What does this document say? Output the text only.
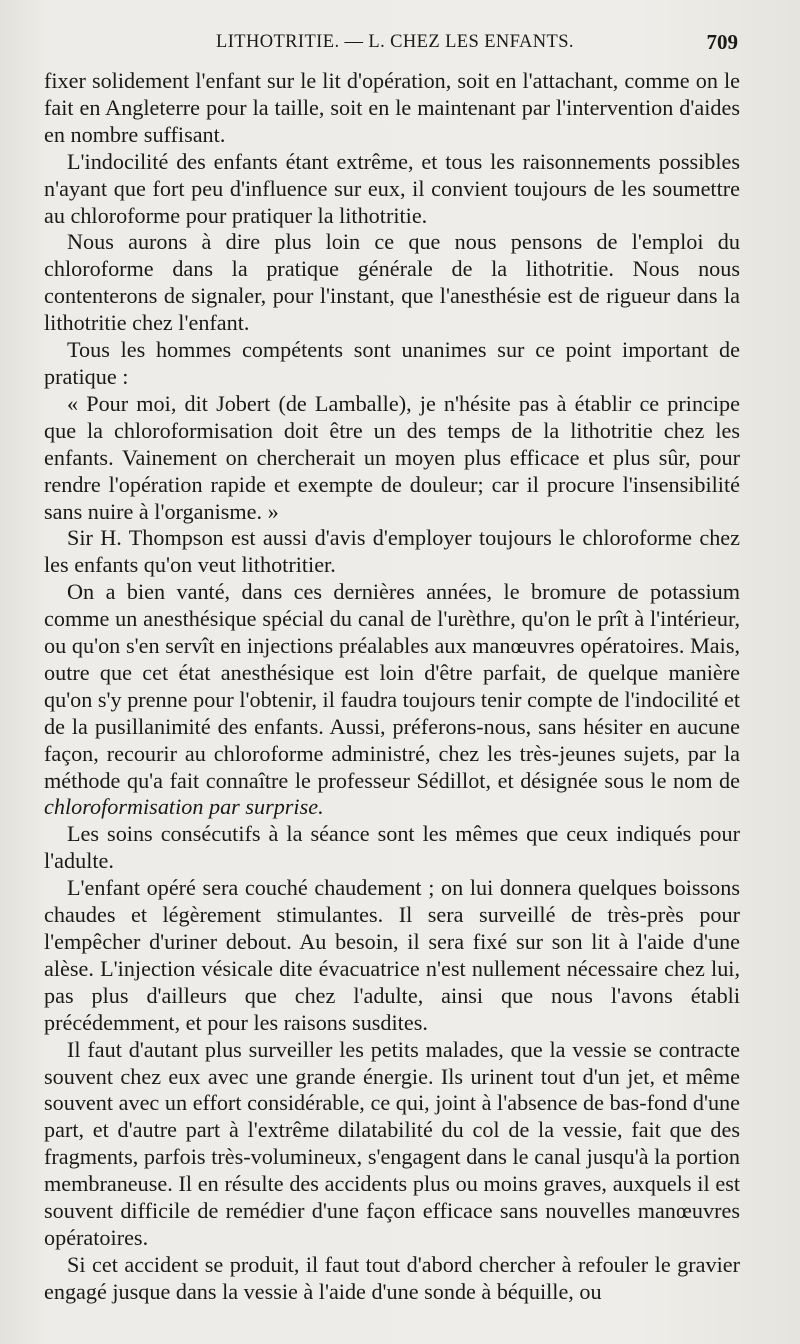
LITHOTRITIE. — L. CHEZ LES ENFANTS.	709

fixer solidement l'enfant sur le lit d'opération, soit en l'attachant, comme on le fait en Angleterre pour la taille, soit en le maintenant par l'intervention d'aides en nombre suffisant.

L'indocilité des enfants étant extrême, et tous les raisonnements possibles n'ayant que fort peu d'influence sur eux, il convient toujours de les soumettre au chloroforme pour pratiquer la lithotritie.

Nous aurons à dire plus loin ce que nous pensons de l'emploi du chloroforme dans la pratique générale de la lithotritie. Nous nous contenterons de signaler, pour l'instant, que l'anesthésie est de rigueur dans la lithotritie chez l'enfant.

Tous les hommes compétents sont unanimes sur ce point important de pratique :

« Pour moi, dit Jobert (de Lamballe), je n'hésite pas à établir ce principe que la chloroformisation doit être un des temps de la lithotritie chez les enfants. Vainement on chercherait un moyen plus efficace et plus sûr, pour rendre l'opération rapide et exempte de douleur; car il procure l'insensibilité sans nuire à l'organisme. »

Sir H. Thompson est aussi d'avis d'employer toujours le chloroforme chez les enfants qu'on veut lithotritier.

On a bien vanté, dans ces dernières années, le bromure de potassium comme un anesthésique spécial du canal de l'urèthre, qu'on le prît à l'intérieur, ou qu'on s'en servît en injections préalables aux manœuvres opératoires. Mais, outre que cet état anesthésique est loin d'être parfait, de quelque manière qu'on s'y prenne pour l'obtenir, il faudra toujours tenir compte de l'indocilité et de la pusillanimité des enfants. Aussi, préferons-nous, sans hésiter en aucune façon, recourir au chloroforme administré, chez les très-jeunes sujets, par la méthode qu'a fait connaître le professeur Sédillot, et désignée sous le nom de chloroformisation par surprise.

Les soins consécutifs à la séance sont les mêmes que ceux indiqués pour l'adulte.

L'enfant opéré sera couché chaudement ; on lui donnera quelques boissons chaudes et légèrement stimulantes. Il sera surveillé de très-près pour l'empêcher d'uriner debout. Au besoin, il sera fixé sur son lit à l'aide d'une alèse. L'injection vésicale dite évacuatrice n'est nullement nécessaire chez lui, pas plus d'ailleurs que chez l'adulte, ainsi que nous l'avons établi précédemment, et pour les raisons susdites.

Il faut d'autant plus surveiller les petits malades, que la vessie se contracte souvent chez eux avec une grande énergie. Ils urinent tout d'un jet, et même souvent avec un effort considérable, ce qui, joint à l'absence de bas-fond d'une part, et d'autre part à l'extrême dilatabilité du col de la vessie, fait que des fragments, parfois très-volumineux, s'engagent dans le canal jusqu'à la portion membraneuse. Il en résulte des accidents plus ou moins graves, auxquels il est souvent difficile de remédier d'une façon efficace sans nouvelles manœuvres opératoires.

Si cet accident se produit, il faut tout d'abord chercher à refouler le gravier engagé jusque dans la vessie à l'aide d'une sonde à béquille, ou
